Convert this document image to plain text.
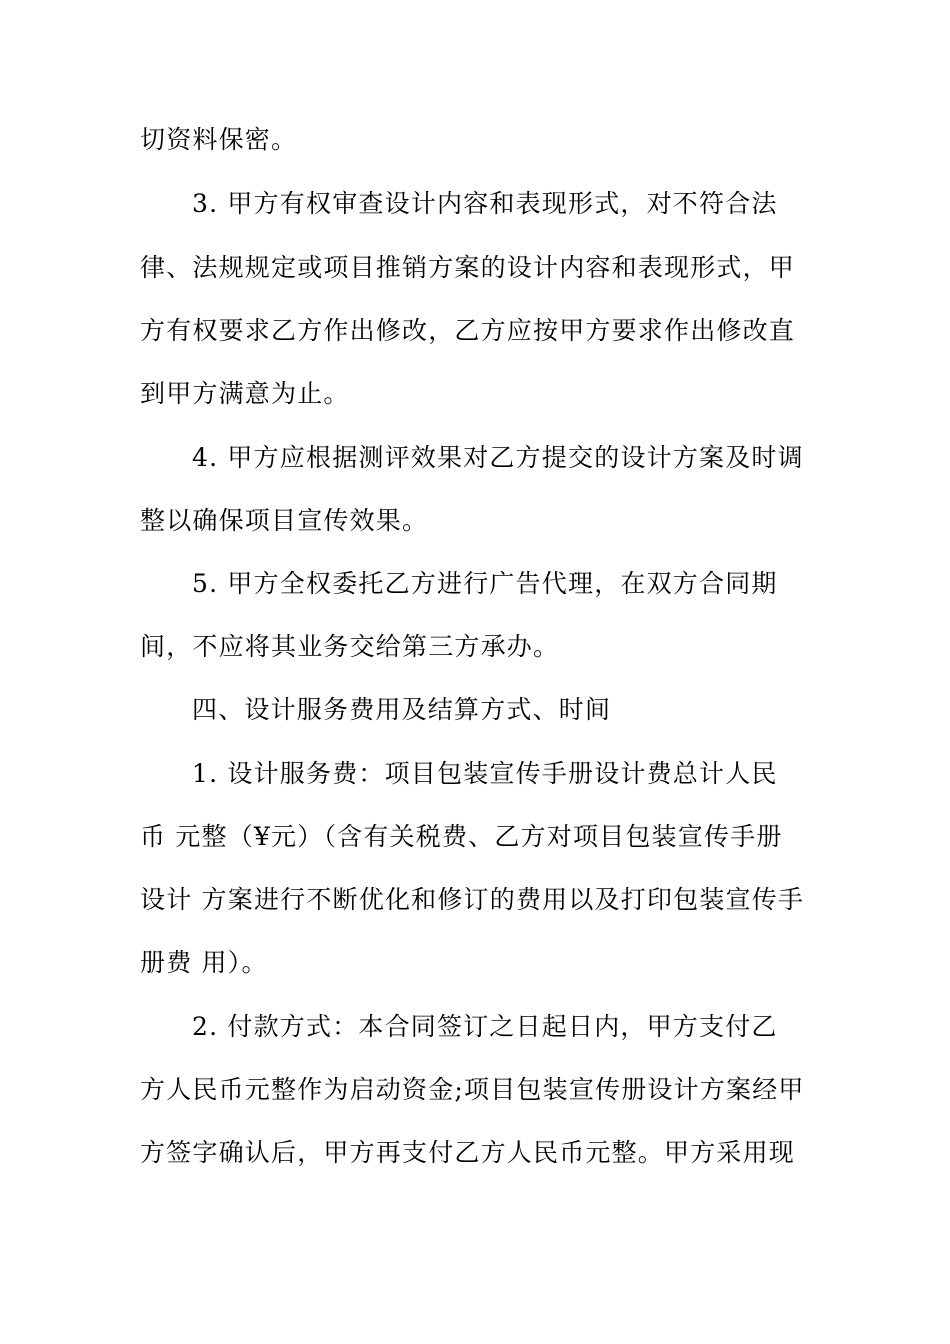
切资料保密。
3. 甲方有权审查设计内容和表现形式，对不符合法
律、法规规定或项目推销方案的设计内容和表现形式，甲
方有权要求乙方作出修改，乙方应按甲方要求作出修改直
到甲方满意为止。
4. 甲方应根据测评效果对乙方提交的设计方案及时调
整以确保项目宣传效果。
5. 甲方全权委托乙方进行广告代理，在双方合同期
间，不应将其业务交给第三方承办。
四、设计服务费用及结算方式、时间
1. 设计服务费：项目包装宣传手册设计费总计人民
币 元整（¥元）（含有关税费、乙方对项目包装宣传手册
设计 方案进行不断优化和修订的费用以及打印包装宣传手
册费 用）。
2. 付款方式：本合同签订之日起日内，甲方支付乙
方人民币元整作为启动资金;项目包装宣传册设计方案经甲
方签字确认后，甲方再支付乙方人民币元整。甲方采用现
